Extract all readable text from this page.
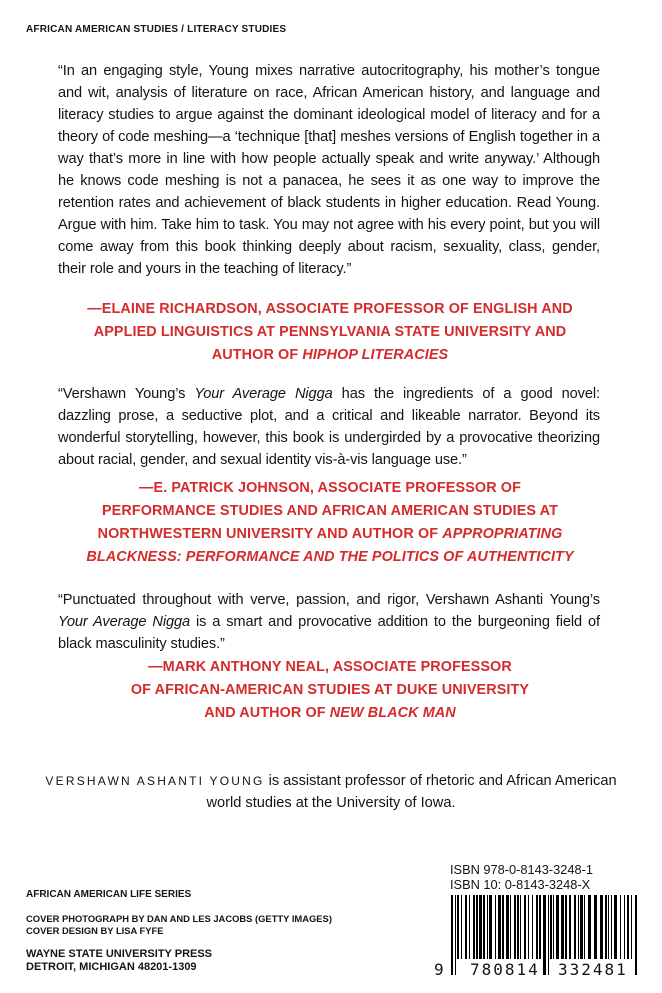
AFRICAN AMERICAN STUDIES / LITERACY STUDIES
“In an engaging style, Young mixes narrative autocritography, his mother’s tongue and wit, analysis of literature on race, African American history, and language and literacy studies to argue against the dominant ideological model of literacy and for a theory of code meshing—a ‘technique [that] meshes versions of English together in a way that’s more in line with how people actually speak and write anyway.’ Although he knows code meshing is not a panacea, he sees it as one way to improve the retention rates and achievement of black students in higher education. Read Young. Argue with him. Take him to task. You may not agree with his every point, but you will come away from this book thinking deeply about racism, sexuality, class, gender, their role and yours in the teaching of literacy.”
—ELAINE RICHARDSON, ASSOCIATE PROFESSOR OF ENGLISH AND
APPLIED LINGUISTICS AT PENNSYLVANIA STATE UNIVERSITY AND
AUTHOR OF HIPHOP LITERACIES
“Vershawn Young’s Your Average Nigga has the ingredients of a good novel: dazzling prose, a seductive plot, and a critical and likeable narrator. Beyond its wonderful storytelling, however, this book is undergirded by a provocative theorizing about racial, gender, and sexual identity vis-à-vis language use.”
—E. PATRICK JOHNSON, ASSOCIATE PROFESSOR OF
PERFORMANCE STUDIES AND AFRICAN AMERICAN STUDIES AT
NORTHWESTERN UNIVERSITY AND AUTHOR OF APPROPRIATING
BLACKNESS: PERFORMANCE AND THE POLITICS OF AUTHENTICITY
“Punctuated throughout with verve, passion, and rigor, Vershawn Ashanti Young’s Your Average Nigga is a smart and provocative addition to the burgeoning field of black masculinity studies.”
—MARK ANTHONY NEAL, ASSOCIATE PROFESSOR
OF AFRICAN-AMERICAN STUDIES AT DUKE UNIVERSITY
AND AUTHOR OF NEW BLACK MAN
VERSHAWN ASHANTI YOUNG is assistant professor of rhetoric and African American world studies at the University of Iowa.
AFRICAN AMERICAN LIFE SERIES
COVER PHOTOGRAPH BY DAN AND LES JACOBS (GETTY IMAGES)
COVER DESIGN BY LISA FYFE
WAYNE STATE UNIVERSITY PRESS
DETROIT, MICHIGAN 48201-1309
ISBN 978-0-8143-3248-1
ISBN 10: 0-8143-3248-X
9 780814 332481
